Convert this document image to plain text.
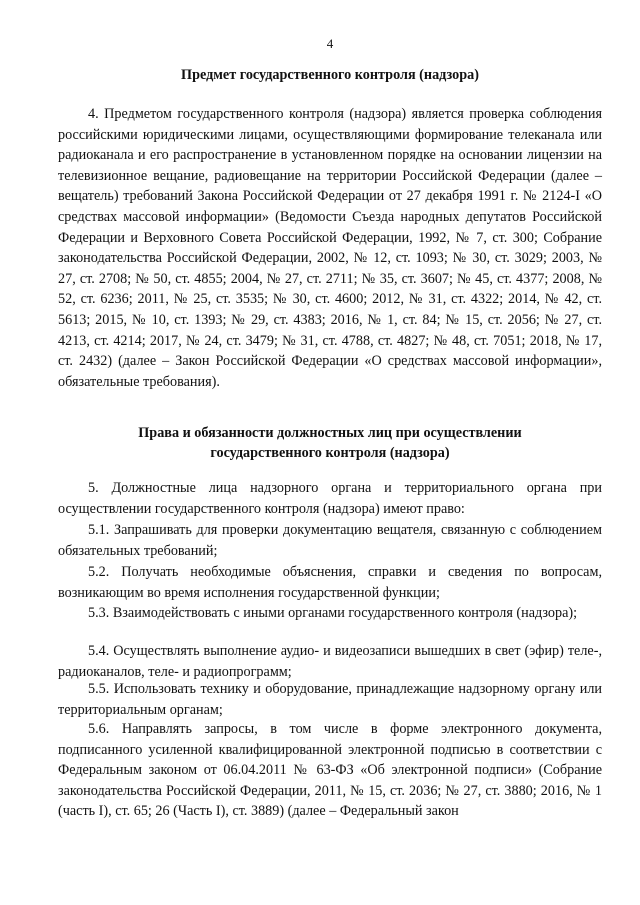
4
Предмет государственного контроля (надзора)

4. Предметом государственного контроля (надзора) является проверка соблюдения российскими юридическими лицами, осуществляющими формирование телеканала или радиоканала и его распространение в установленном порядке на основании лицензии на телевизионное вещание, радиовещание на территории Российской Федерации (далее – вещатель) требований Закона Российской Федерации от 27 декабря 1991 г. № 2124-I «О средствах массовой информации» (Ведомости Съезда народных депутатов Российской Федерации и Верховного Совета Российской Федерации, 1992, № 7, ст. 300; Собрание законодательства Российской Федерации, 2002, № 12, ст. 1093; № 30, ст. 3029; 2003, № 27, ст. 2708; № 50, ст. 4855; 2004, № 27, ст. 2711; № 35, ст. 3607; № 45, ст. 4377; 2008, № 52, ст. 6236; 2011, № 25, ст. 3535; № 30, ст. 4600; 2012, № 31, ст. 4322; 2014, № 42, ст. 5613; 2015, № 10, ст. 1393; № 29, ст. 4383; 2016, № 1, ст. 84; № 15, ст. 2056; № 27, ст. 4213, ст. 4214; 2017, № 24, ст. 3479; № 31, ст. 4788, ст. 4827; № 48, ст. 7051; 2018, № 17, ст. 2432) (далее – Закон Российской Федерации «О средствах массовой информации», обязательные требования).

Права и обязанности должностных лиц при осуществлении
государственного контроля (надзора)

5. Должностные лица надзорного органа и территориального органа при осуществлении государственного контроля (надзора) имеют право:

5.1. Запрашивать для проверки документацию вещателя, связанную с соблюдением обязательных требований;

5.2. Получать необходимые объяснения, справки и сведения по вопросам, возникающим во время исполнения государственной функции;

5.3. Взаимодействовать с иными органами государственного контроля (надзора);

5.4. Осуществлять выполнение аудио- и видеозаписи вышедших в свет (эфир) теле-, радиоканалов, теле- и радиопрограмм;

5.5. Использовать технику и оборудование, принадлежащие надзорному органу или территориальным органам;

5.6. Направлять запросы, в том числе в форме электронного документа, подписанного усиленной квалифицированной электронной подписью в соответствии с Федеральным законом от 06.04.2011 № 63-ФЗ «Об электронной подписи» (Собрание законодательства Российской Федерации, 2011, № 15, ст. 2036; № 27, ст. 3880; 2016, № 1 (часть I), ст. 65; 26 (Часть I), ст. 3889) (далее – Федеральный закон
